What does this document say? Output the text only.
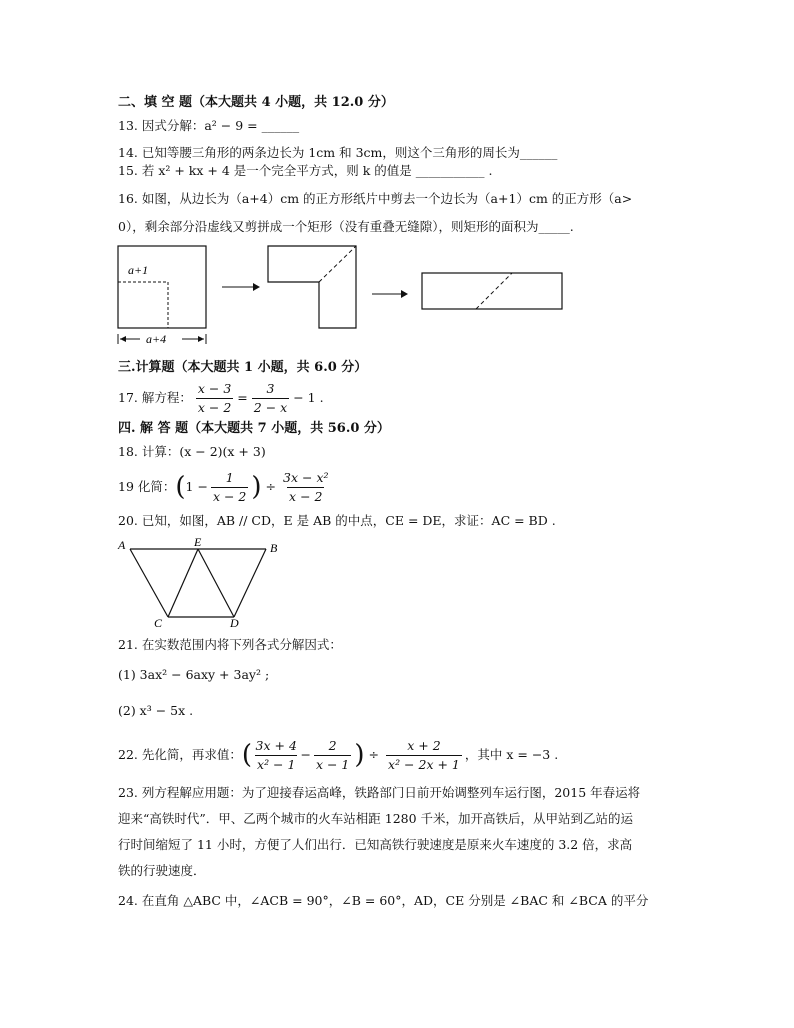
二、填 空 题（本大题共 4 小题，共 12.0 分）
13. 因式分解：a² − 9 = ______
14. 已知等腰三角形的两条边长为 1cm 和 3cm，则这个三角形的周长为______
15. 若 x² + kx + 4 是一个完全平方式，则 k 的值是 ___________ .
16. 如图，从边长为（a+4）cm 的正方形纸片中剪去一个边长为（a+1）cm 的正方形（a>
0），剩余部分沿虚线又剪拼成一个矩形（没有重叠无缝隙），则矩形的面积为_____.
a+1
a+4
三.计算题（本大题共 1 小题，共 6.0 分）
17. 解方程： $\frac{x - 3}{x - 2} = \frac{3}{2 - x} - 1$ .
四. 解 答 题（本大题共 7 小题，共 56.0 分）
18. 计算：(x − 2)(x + 3)
19 化简： ( $1 - \frac{1}{x - 2}$ ) ÷ $\frac{\text{3x − x²}}{x - 2}$
20. 已知，如图，AB // CD，E 是 AB 的中点，CE = DE，求证：AC = BD .
A	E	B
C	D
21. 在实数范围内将下列各式分解因式：
(1) 3ax² − 6axy + 3ay² ;
(2) x³ − 5x .
22. 先化简，再求值： ( $\frac{3x + 4}{\text{x² − 1}} - \frac{2}{x - 1}$ ) ÷ $\frac{x + 2}{\text{x² − 2x + 1}}$ ，其中 x = −3 .
23. 列方程解应用题：为了迎接春运高峰，铁路部门日前开始调整列车运行图，2015 年春运将
迎来“高铁时代”．甲、乙两个城市的火车站相距 1280 千米，加开高铁后，从甲站到乙站的运
行时间缩短了 11 小时，方便了人们出行．已知高铁行驶速度是原来火车速度的 3.2 倍，求高
铁的行驶速度．
24. 在直角 △ABC 中，∠ACB = 90°，∠B = 60°，AD，CE 分别是 ∠BAC 和 ∠BCA 的平分
